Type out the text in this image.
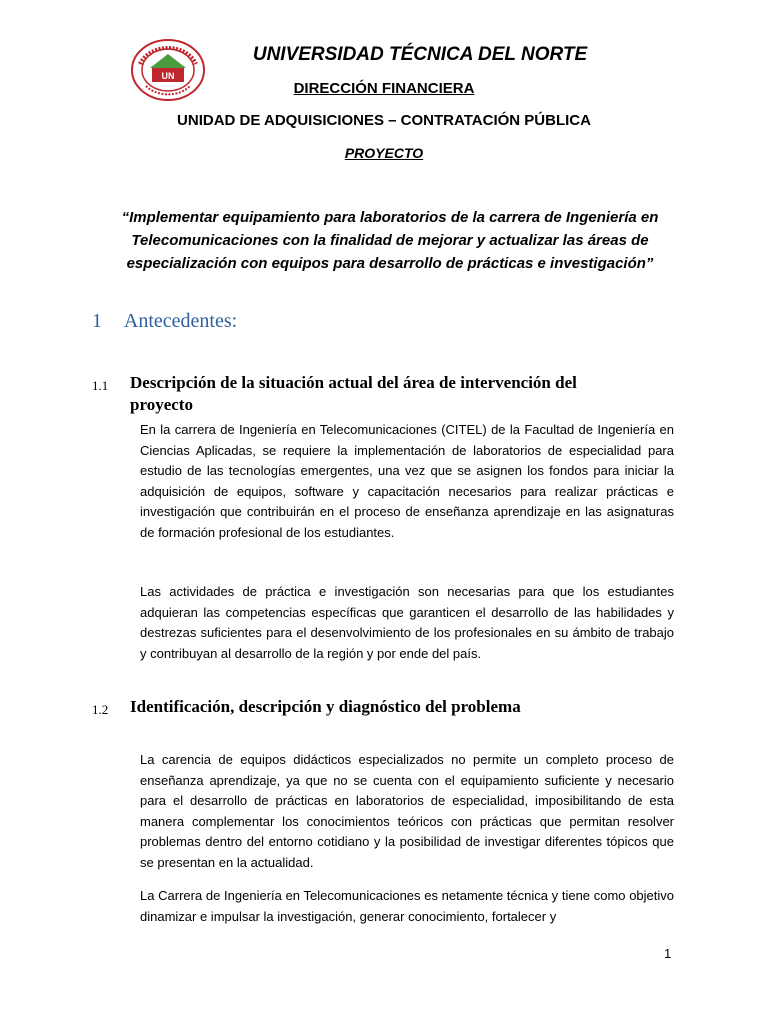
UN
UNIVERSIDAD TÉCNICA DEL NORTE
DIRECCIÓN FINANCIERA
UNIDAD DE ADQUISICIONES – CONTRATACIÓN PÚBLICA
PROYECTO
“Implementar equipamiento para laboratorios de la carrera de Ingeniería en Telecomunicaciones con la finalidad de mejorar y actualizar las áreas de especialización con equipos para desarrollo de prácticas e investigación”
1 Antecedentes:
1.1 Descripción de la situación actual del área de intervención del proyecto
En la carrera de Ingeniería en Telecomunicaciones (CITEL) de la Facultad de Ingeniería en Ciencias Aplicadas, se requiere la implementación de laboratorios de especialidad para estudio de las tecnologías emergentes, una vez que se asignen los fondos para iniciar la adquisición de equipos, software y capacitación necesarios para realizar prácticas e investigación que contribuirán en el proceso de enseñanza aprendizaje en las asignaturas de formación profesional de los estudiantes.
Las actividades de práctica e investigación son necesarias para que los estudiantes adquieran las competencias específicas que garanticen el desarrollo de las habilidades y destrezas suficientes para el desenvolvimiento de los profesionales en su ámbito de trabajo y contribuyan al desarrollo de la región y por ende del país.
1.2 Identificación, descripción y diagnóstico del problema
La carencia de equipos didácticos especializados no permite un completo proceso de enseñanza aprendizaje, ya que no se cuenta con el equipamiento suficiente y necesario para el desarrollo de prácticas en laboratorios de especialidad, imposibilitando de esta manera complementar los conocimientos teóricos con prácticas que permitan resolver problemas dentro del entorno cotidiano y la posibilidad de investigar diferentes tópicos que se presentan en la actualidad.
La Carrera de Ingeniería en Telecomunicaciones es netamente técnica y tiene como objetivo dinamizar e impulsar la investigación, generar conocimiento, fortalecer y
1
